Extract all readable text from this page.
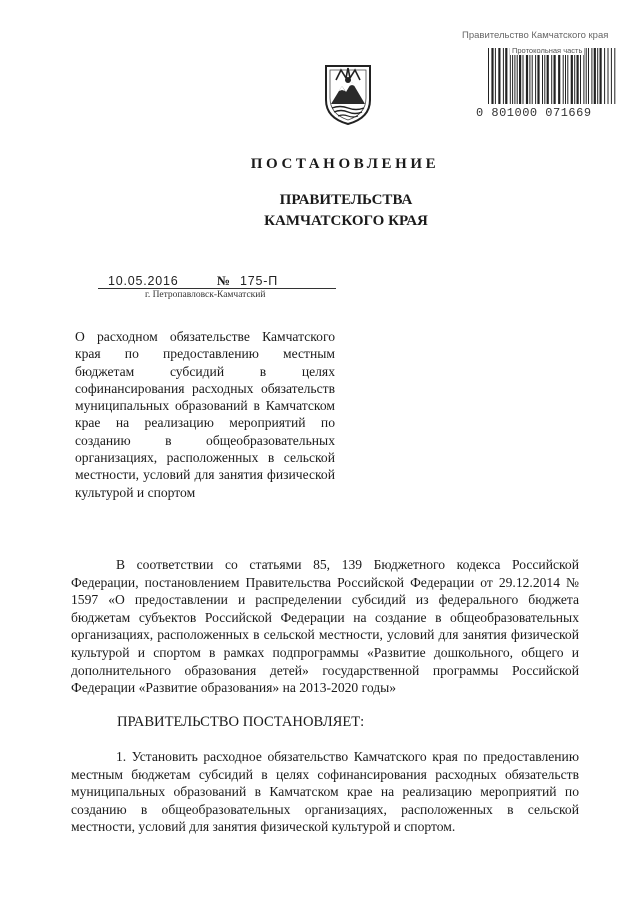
Правительство Камчатского края
Протокольная часть
0 801000 071669
ПОСТАНОВЛЕНИЕ
ПРАВИТЕЛЬСТВА
КАМЧАТСКОГО КРАЯ
10.05.2016	№ 175-П
г. Петропавловск-Камчатский
О расходном обязательстве Камчатского края по предоставлению местным бюджетам субсидий в целях софинансирования расходных обязательств муниципальных образований в Камчатском крае на реализацию мероприятий по созданию в общеобразовательных организациях, расположенных в сельской местности, условий для занятия физической культурой и спортом
В соответствии со статьями 85, 139 Бюджетного кодекса Российской Федерации, постановлением Правительства Российской Федерации от 29.12.2014 № 1597 «О предоставлении и распределении субсидий из федерального бюджета бюджетам субъектов Российской Федерации на создание в общеобразовательных организациях, расположенных в сельской местности, условий для занятия физической культурой и спортом в рамках подпрограммы «Развитие дошкольного, общего и дополнительного образования детей» государственной программы Российской Федерации «Развитие образования» на 2013-2020 годы»
ПРАВИТЕЛЬСТВО ПОСТАНОВЛЯЕТ:
1. Установить расходное обязательство Камчатского края по предоставлению местным бюджетам субсидий в целях софинансирования расходных обязательств муниципальных образований в Камчатском крае на реализацию мероприятий по созданию в общеобразовательных организациях, расположенных в сельской местности, условий для занятия физической культурой и спортом.
